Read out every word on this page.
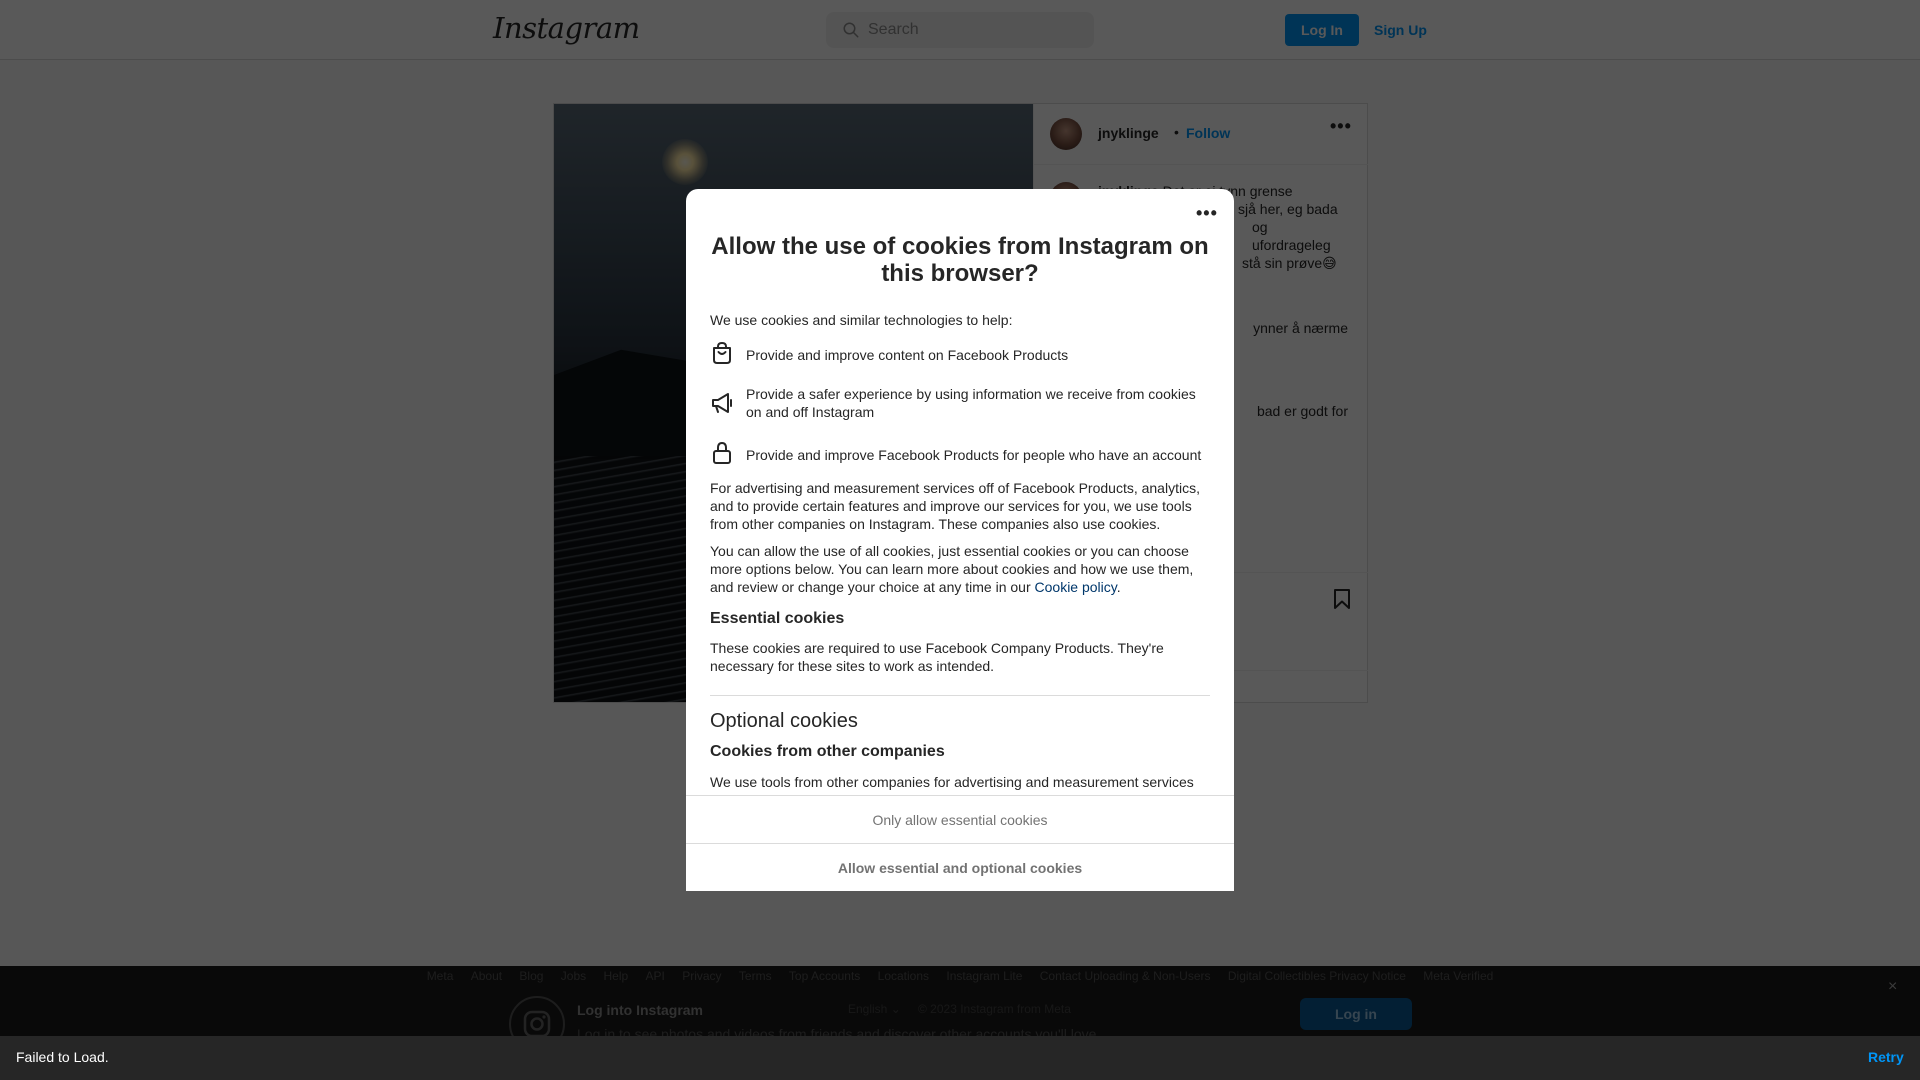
Search

Allow the use of cookies from Instagram on this browser?
We use cookies and similar technologies to help:
Provide and improve content on Facebook Products
Provide a safer experience by using information we receive from cookies on and off Instagram
Provide and improve Facebook Products for people who have an account
For advertising and measurement services off of Facebook Products, analytics, and to provide certain features and improve our services for you, we use tools from other companies on Instagram. These companies also use cookies.
You can allow the use of all cookies, just essential cookies or you can choose more options below. You can learn more about cookies and how we use them, and review or change your choice at any time in our Cookie policy.
Essential cookies
These cookies are required to use Facebook Company Products. They're necessary for these sites to work as intended.
Optional cookies
Cookies from other companies
We use tools from other companies for advertising and measurement services
•••
Only allow essential cookies
Allow essential and optional cookies
Failed to Load.	Retry
